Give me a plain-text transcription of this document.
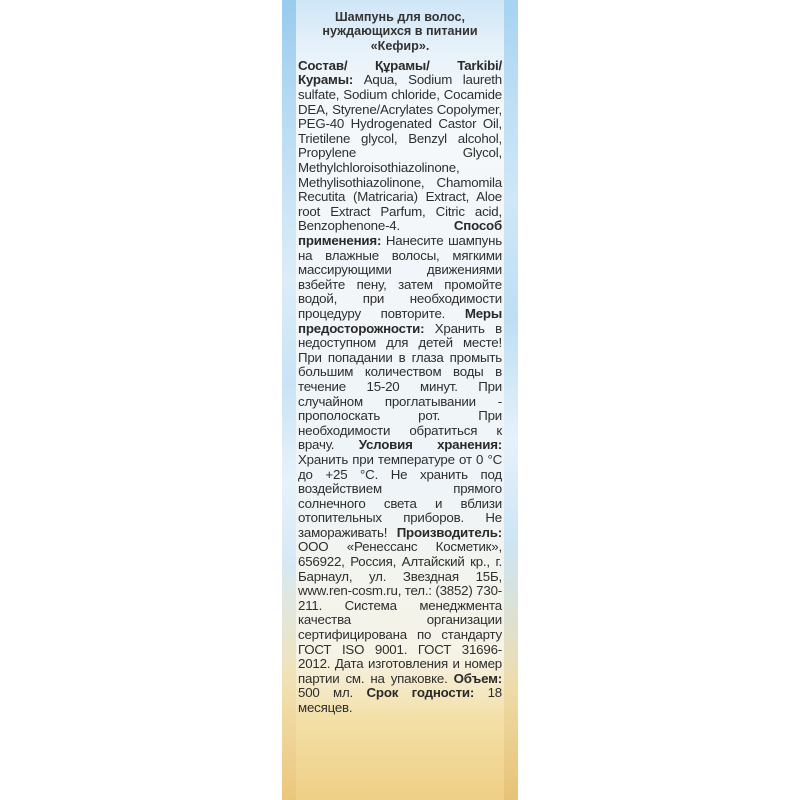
Шампунь для волос,
нуждающихся в питании
«Кефир».
Состав/ Құрамы/ Tarkibi/ Курамы: Aqua, Sodium laureth sulfate, Sodium chloride, Cocamide DEA, Styrene/Acrylates Copolymer, PEG-40 Hydrogenated Castor Oil, Trietilene glycol, Benzyl alcohol, Propylene Glycol, Methylchloroisothiazolinone, Methylisothiazolinone, Chamomila Recutita (Matricaria) Extract, Aloe root Extract Parfum, Citric acid, Benzophenone-4. Способ применения: Нанесите шампунь на влажные волосы, мягкими массирующими движениями взбейте пену, затем промойте водой, при необходимости процедуру повторите. Меры предосторожности: Хранить в недоступном для детей месте! При попадании в глаза промыть большим количеством воды в течение 15-20 минут. При случайном проглатывании - прополоскать рот. При необходимости обратиться к врачу. Условия хранения: Хранить при температуре от 0 °С до +25 °С. Не хранить под воздействием прямого солнечного света и вблизи отопительных приборов. Не замораживать! Производитель: ООО «Ренессанс Косметик», 656922, Россия, Алтайский кр., г. Барнаул, ул. Звездная 15Б, www.ren-cosm.ru, тел.: (3852) 730-211. Система менеджмента качества организации сертифицирована по стандарту ГОСТ ISO 9001. ГОСТ 31696-2012. Дата изготовления и номер партии см. на упаковке. Объем: 500 мл. Срок годности: 18 месяцев.
